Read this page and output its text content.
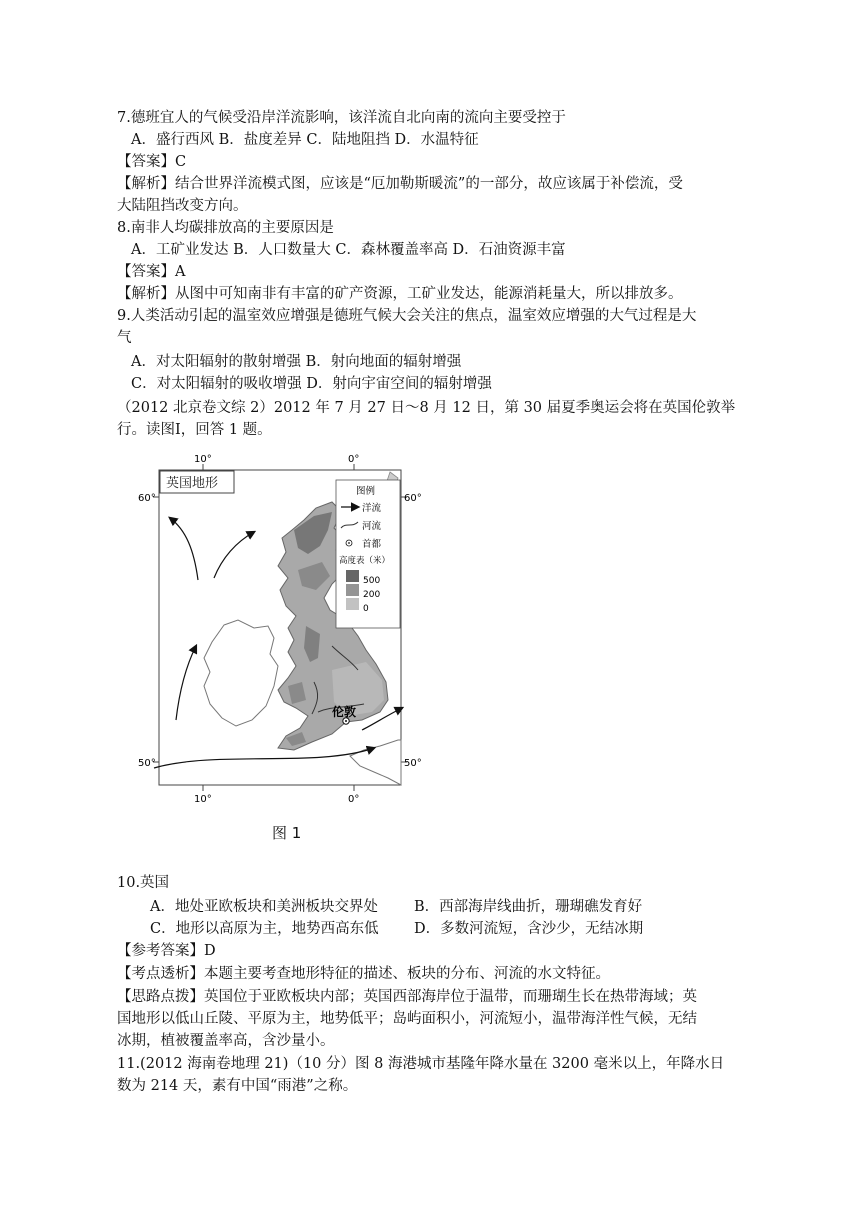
7.德班宜人的气候受沿岸洋流影响，该洋流自北向南的流向主要受控于
A．盛行西风 B．盐度差异 C．陆地阻挡 D．水温特征
【答案】C
【解析】结合世界洋流模式图，应该是“厄加勒斯暖流”的一部分，故应该属于补偿流，受
大陆阻挡改变方向。
8.南非人均碳排放高的主要原因是
A．工矿业发达 B．人口数量大 C．森林覆盖率高 D．石油资源丰富
【答案】A
【解析】从图中可知南非有丰富的矿产资源，工矿业发达，能源消耗量大，所以排放多。
9.人类活动引起的温室效应增强是德班气候大会关注的焦点，温室效应增强的大气过程是大
气
A．对太阳辐射的散射增强 B．射向地面的辐射增强
C．对太阳辐射的吸收增强 D．射向宇宙空间的辐射增强
（2012 北京卷文综 2）2012 年 7 月 27 日～8 月 12 日，第 30 届夏季奥运会将在英国伦敦举
行。读图Ⅰ，回答 1 题。
10°	0°
10°	0°
60°	60°
50°	50°
英国地形
伦敦
图例
洋流
河流
首都
高度表（米）
500
200
0
图 1
10.英国
A．地处亚欧板块和美洲板块交界处	B．西部海岸线曲折，珊瑚礁发育好
C．地形以高原为主，地势西高东低	D．多数河流短，含沙少，无结冰期
【参考答案】D
【考点透析】本题主要考查地形特征的描述、板块的分布、河流的水文特征。
【思路点拨】英国位于亚欧板块内部；英国西部海岸位于温带，而珊瑚生长在热带海域；英
国地形以低山丘陵、平原为主，地势低平；岛屿面积小，河流短小，温带海洋性气候，无结
冰期，植被覆盖率高，含沙量小。
11.(2012 海南卷地理 21)（10 分）图 8 海港城市基隆年降水量在 3200 毫米以上，年降水日
数为 214 天，素有中国“雨港”之称。
